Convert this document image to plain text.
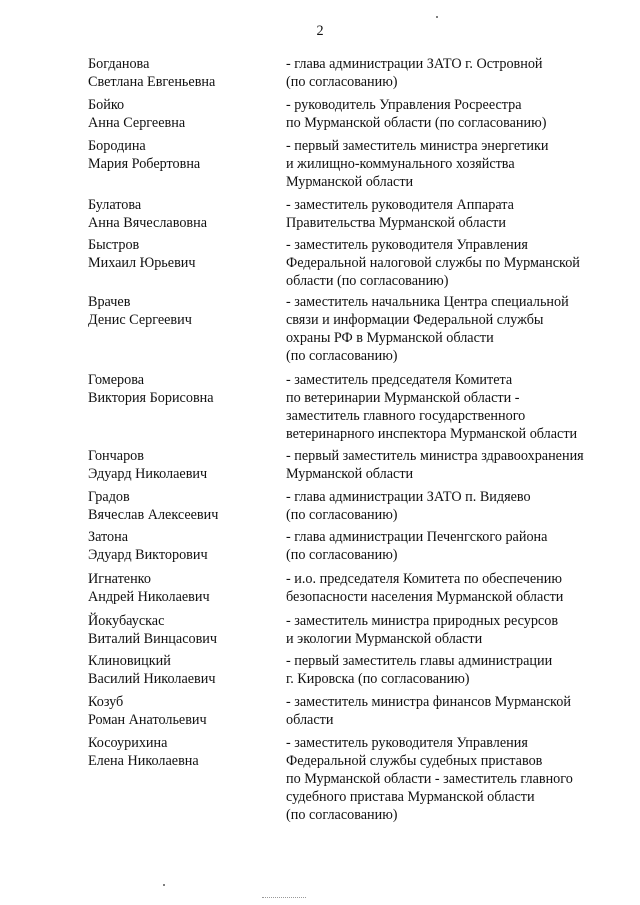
2
Богданова
Светлана Евгеньевна
- глава администрации ЗАТО г. Островной
(по согласованию)
Бойко
Анна Сергеевна
- руководитель Управления Росреестра
по Мурманской области (по согласованию)
Бородина
Мария Робертовна
- первый заместитель министра энергетики
и жилищно-коммунального хозяйства
Мурманской области
Булатова
Анна Вячеславовна
- заместитель руководителя Аппарата
Правительства Мурманской области
Быстров
Михаил Юрьевич
- заместитель руководителя Управления
Федеральной налоговой службы по Мурманской
области (по согласованию)
Врачев
Денис Сергеевич
- заместитель начальника Центра специальной
связи и информации Федеральной службы
охраны РФ в Мурманской области
(по согласованию)
Гомерова
Виктория Борисовна
- заместитель председателя Комитета
по ветеринарии Мурманской области -
заместитель главного государственного
ветеринарного инспектора Мурманской области
Гончаров
Эдуард Николаевич
- первый заместитель министра здравоохранения
Мурманской области
Градов
Вячеслав Алексеевич
- глава администрации ЗАТО п. Видяево
(по согласованию)
Затона
Эдуард Викторович
- глава администрации Печенгского района
(по согласованию)
Игнатенко
Андрей Николаевич
- и.о. председателя Комитета по обеспечению
безопасности населения Мурманской области
Йокубаускас
Виталий Винцасович
- заместитель министра природных ресурсов
и экологии Мурманской области
Клиновицкий
Василий Николаевич
- первый заместитель главы администрации
г. Кировска (по согласованию)
Козуб
Роман Анатольевич
- заместитель министра финансов Мурманской
области
Косоурихина
Елена Николаевна
- заместитель руководителя Управления
Федеральной службы судебных приставов
по Мурманской области - заместитель главного
судебного пристава Мурманской области
(по согласованию)
